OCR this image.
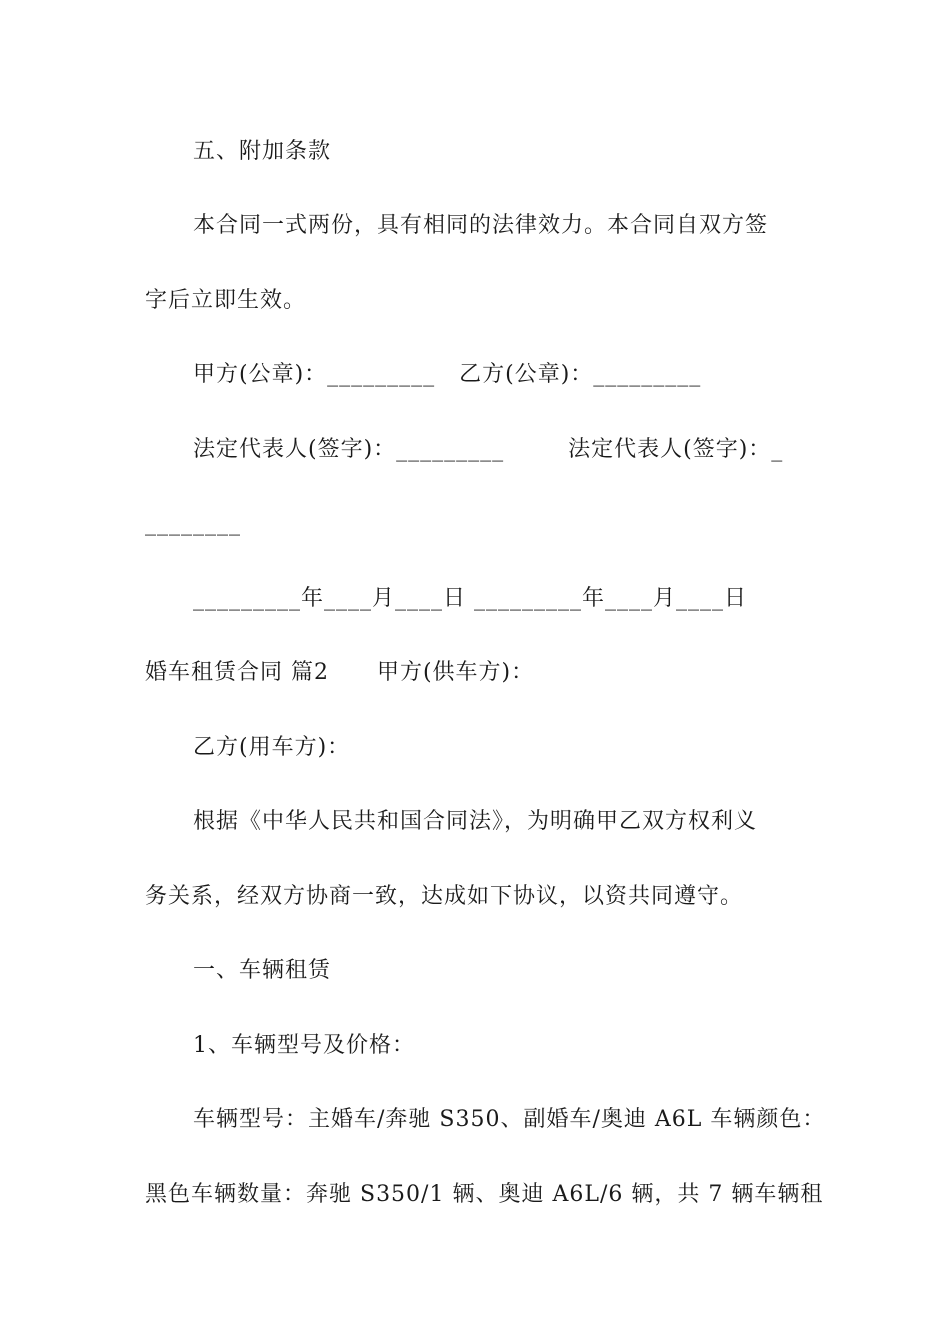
五、附加条款
本合同一式两份，具有相同的法律效力。本合同自双方签
字后立即生效。
甲方(公章)：_________   乙方(公章)：_________
法定代表人(签字)：_________        法定代表人(签字)：_
________
_________年____月____日 _________年____月____日
婚车租赁合同 篇2      甲方(供车方)：
乙方(用车方)：
根据《中华人民共和国合同法》，为明确甲乙双方权利义
务关系，经双方协商一致，达成如下协议，以资共同遵守。
一、车辆租赁
1、车辆型号及价格：
车辆型号：主婚车/奔驰 S350、副婚车/奥迪 A6L 车辆颜色：
黑色车辆数量：奔驰 S350/1 辆、奥迪 A6L/6 辆，共 7 辆车辆租
